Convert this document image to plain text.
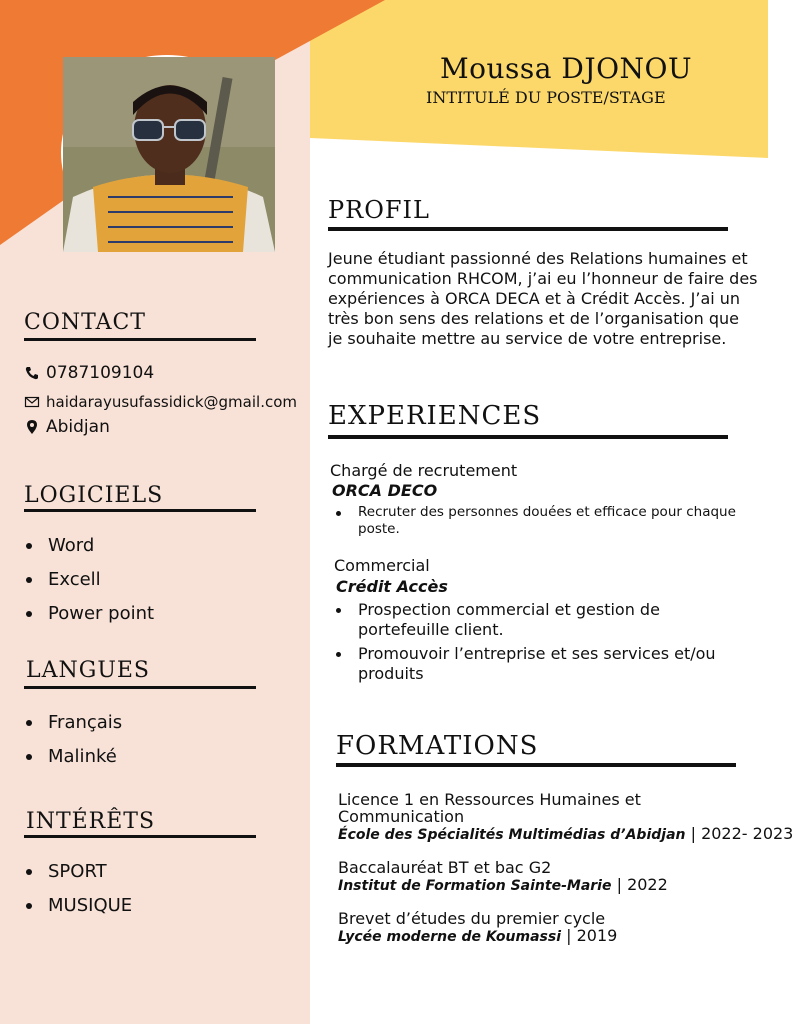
Moussa DJONOU
INTITULÉ DU POSTE/STAGE
PROFIL
Jeune étudiant passionné des Relations humaines et communication RHCOM, j’ai eu l’honneur de faire des expériences à ORCA DECA et à Crédit Accès. J’ai un très bon sens des relations et de l’organisation que je souhaite mettre au service de votre entreprise.
CONTACT
0787109104
haidarayusufassidick@gmail.com
Abidjan
LOGICIELS
Word
Excell
Power point
LANGUES
Français
Malinké
INTÉRÊTS
SPORT
MUSIQUE
EXPERIENCES
Chargé de recrutement
ORCA DECO
Recruter des personnes douées et efficace pour chaque poste.
Commercial
Crédit Accès
Prospection commercial et gestion de portefeuille client.
Promouvoir l’entreprise et ses services et/ou produits
FORMATIONS
Licence 1 en Ressources Humaines et Communication
École des Spécialités Multimédias d’Abidjan | 2022- 2023
Baccalauréat BT et bac G2
Institut de Formation Sainte-Marie | 2022
Brevet d’études du premier cycle
Lycée moderne de Koumassi | 2019
